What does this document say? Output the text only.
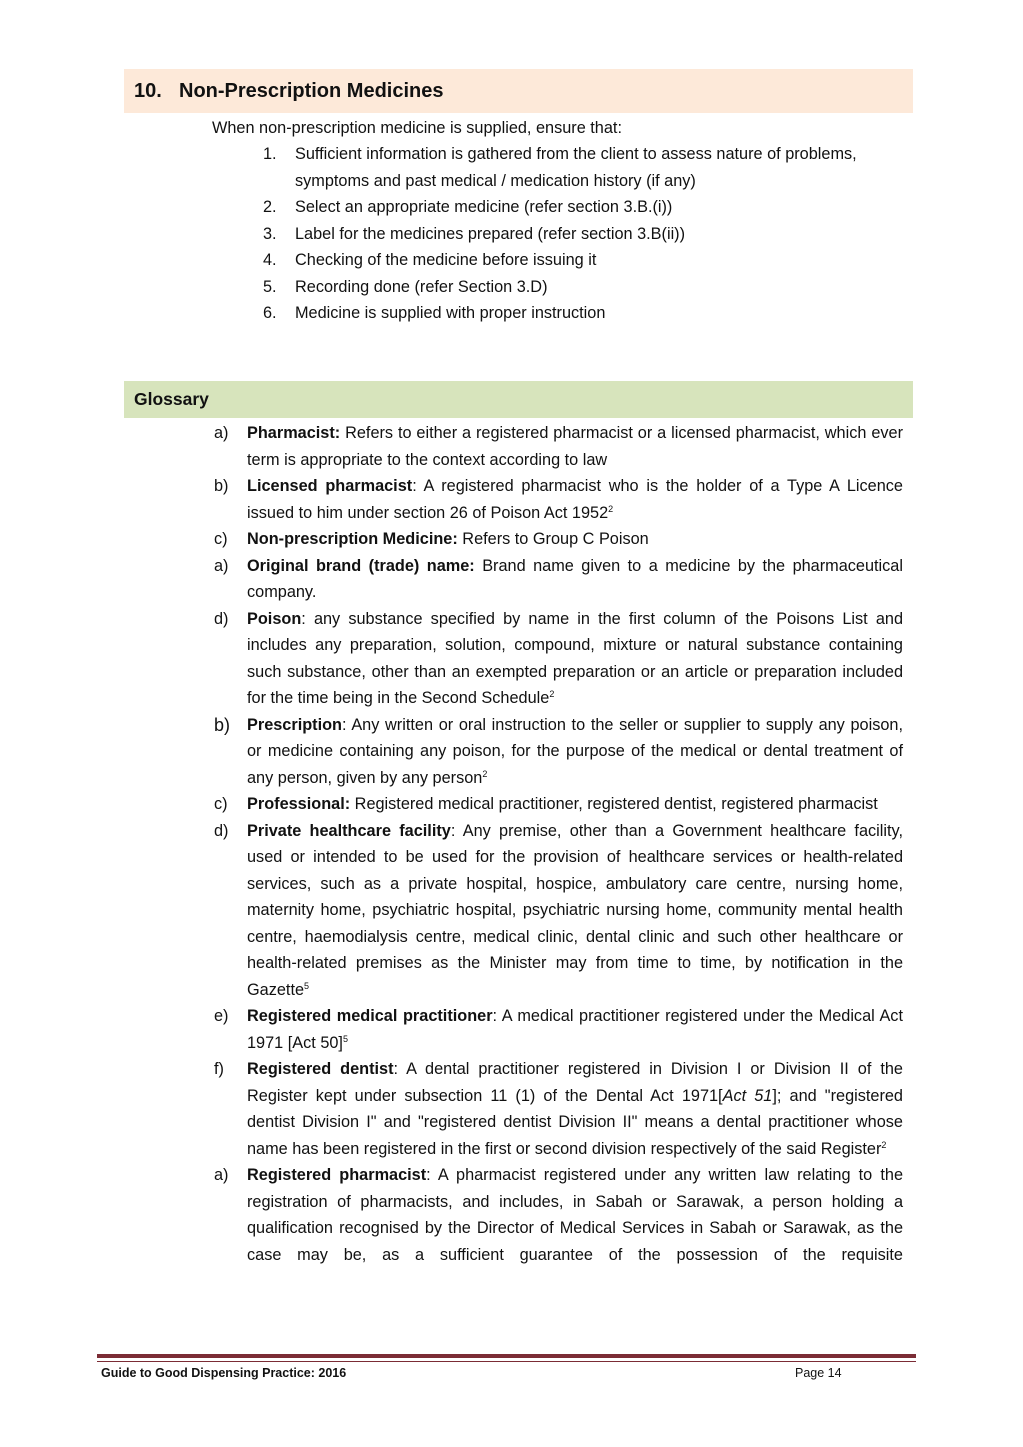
10. Non-Prescription Medicines
When non-prescription medicine is supplied, ensure that:
1.	Sufficient information is gathered from the client to assess nature of problems, symptoms and past medical / medication history (if any)
2.	Select an appropriate medicine (refer section 3.B.(i))
3.	Label for the medicines prepared (refer section 3.B(ii))
4.	Checking of the medicine before issuing it
5.	Recording done (refer Section 3.D)
6.	Medicine is supplied with proper instruction
Glossary
a)	Pharmacist: Refers to either a registered pharmacist or a licensed pharmacist, which ever term is appropriate to the context according to law
b)	Licensed pharmacist: A registered pharmacist who is the holder of a Type A Licence issued to him under section 26 of Poison Act 1952$^2$
c)	Non-prescription Medicine: Refers to Group C Poison
a)	Original brand (trade) name: Brand name given to a medicine by the pharmaceutical company.
d)	Poison: any substance specified by name in the first column of the Poisons List and includes any preparation, solution, compound, mixture or natural substance containing such substance, other than an exempted preparation or an article or preparation included for the time being in the Second Schedule$^2$
b)	Prescription: Any written or oral instruction to the seller or supplier to supply any poison, or medicine containing any poison, for the purpose of the medical or dental treatment of any person, given by any person$^2$
c)	Professional: Registered medical practitioner, registered dentist, registered pharmacist
d)	Private healthcare facility: Any premise, other than a Government healthcare facility, used or intended to be used for the provision of healthcare services or health-related services, such as a private hospital, hospice, ambulatory care centre, nursing home, maternity home, psychiatric hospital, psychiatric nursing home, community mental health centre, haemodialysis centre, medical clinic, dental clinic and such other healthcare or health-related premises as the Minister may from time to time, by notification in the Gazette$^5$
e)	Registered medical practitioner: A medical practitioner registered under the Medical Act 1971 [Act 50]$^5$
f)	Registered dentist: A dental practitioner registered in Division I or Division II of the Register kept under subsection 11 (1) of the Dental Act 1971[Act 51]; and "registered dentist Division I" and "registered dentist Division II" means a dental practitioner whose name has been registered in the first or second division respectively of the said Register$^2$
a)	Registered pharmacist: A pharmacist registered under any written law relating to the registration of pharmacists, and includes, in Sabah or Sarawak, a person holding a qualification recognised by the Director of Medical Services in Sabah or Sarawak, as the case may be, as a sufficient guarantee of the possession of the requisite
Guide to Good Dispensing Practice: 2016	Page 14
